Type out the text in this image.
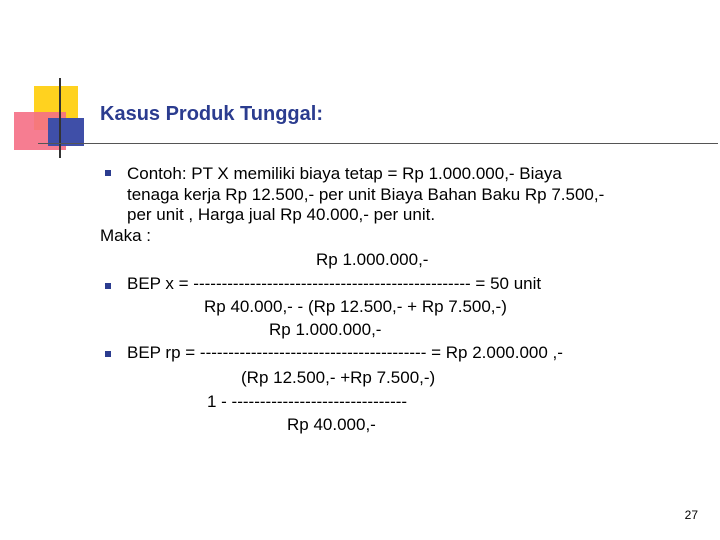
Kasus Produk Tunggal:
Contoh: PT X memiliki biaya tetap = Rp 1.000.000,- Biaya
tenaga kerja Rp 12.500,- per unit Biaya Bahan Baku Rp 7.500,-
per unit , Harga jual Rp 40.000,- per unit.
Maka :
Rp 1.000.000,-
BEP x = ------------------------------------------------- = 50 unit
Rp 40.000,- - (Rp 12.500,- + Rp 7.500,-)
Rp 1.000.000,-
BEP rp = ---------------------------------------- = Rp 2.000.000 ,-
(Rp 12.500,- +Rp 7.500,-)
1 - -------------------------------
Rp 40.000,-
27
